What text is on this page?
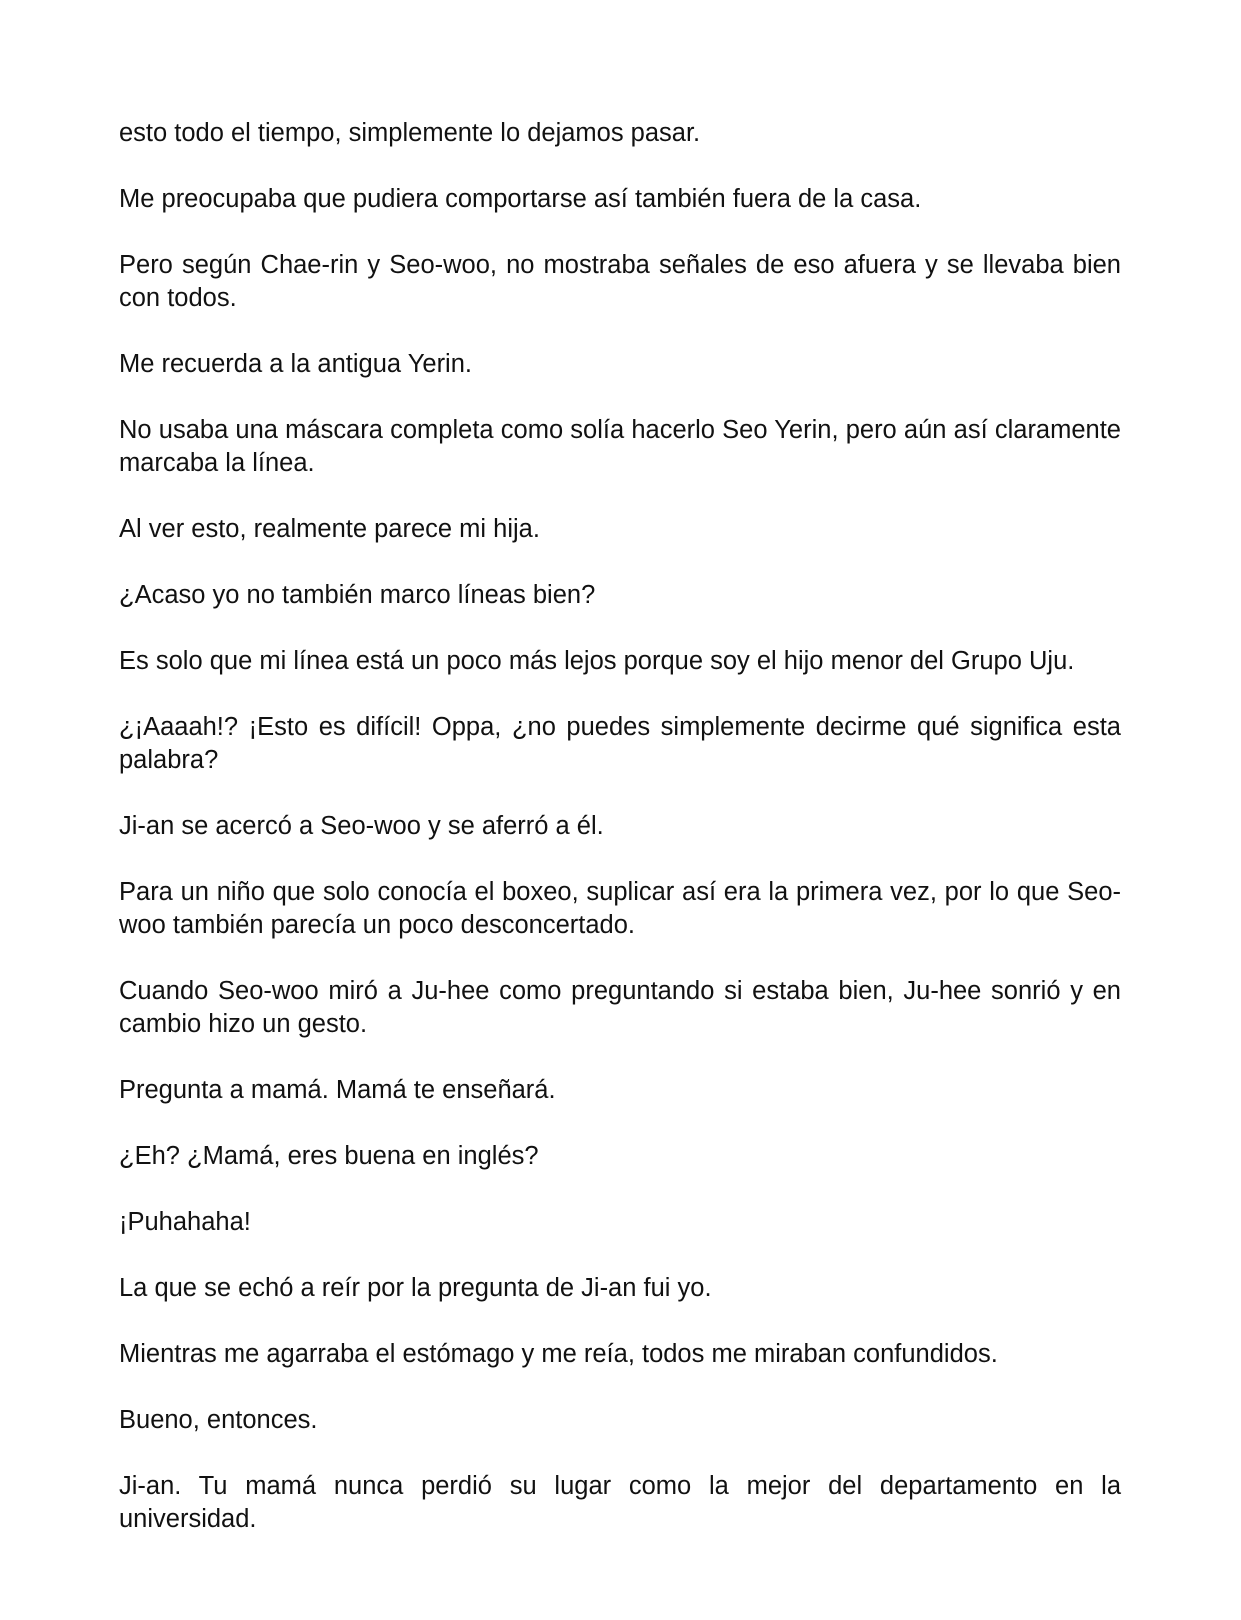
esto todo el tiempo, simplemente lo dejamos pasar.

Me preocupaba que pudiera comportarse así también fuera de la casa.

Pero según Chae-rin y Seo-woo, no mostraba señales de eso afuera y se llevaba bien con todos.

Me recuerda a la antigua Yerin.

No usaba una máscara completa como solía hacerlo Seo Yerin, pero aún así claramente marcaba la línea.

Al ver esto, realmente parece mi hija.

¿Acaso yo no también marco líneas bien?

Es solo que mi línea está un poco más lejos porque soy el hijo menor del Grupo Uju.

¿¡Aaaah!? ¡Esto es difícil! Oppa, ¿no puedes simplemente decirme qué significa esta palabra?

Ji-an se acercó a Seo-woo y se aferró a él.

Para un niño que solo conocía el boxeo, suplicar así era la primera vez, por lo que Seo-woo también parecía un poco desconcertado.

Cuando Seo-woo miró a Ju-hee como preguntando si estaba bien, Ju-hee sonrió y en cambio hizo un gesto.

Pregunta a mamá. Mamá te enseñará.

¿Eh? ¿Mamá, eres buena en inglés?

¡Puhahaha!

La que se echó a reír por la pregunta de Ji-an fui yo.

Mientras me agarraba el estómago y me reía, todos me miraban confundidos.

Bueno, entonces.

Ji-an. Tu mamá nunca perdió su lugar como la mejor del departamento en la universidad.
